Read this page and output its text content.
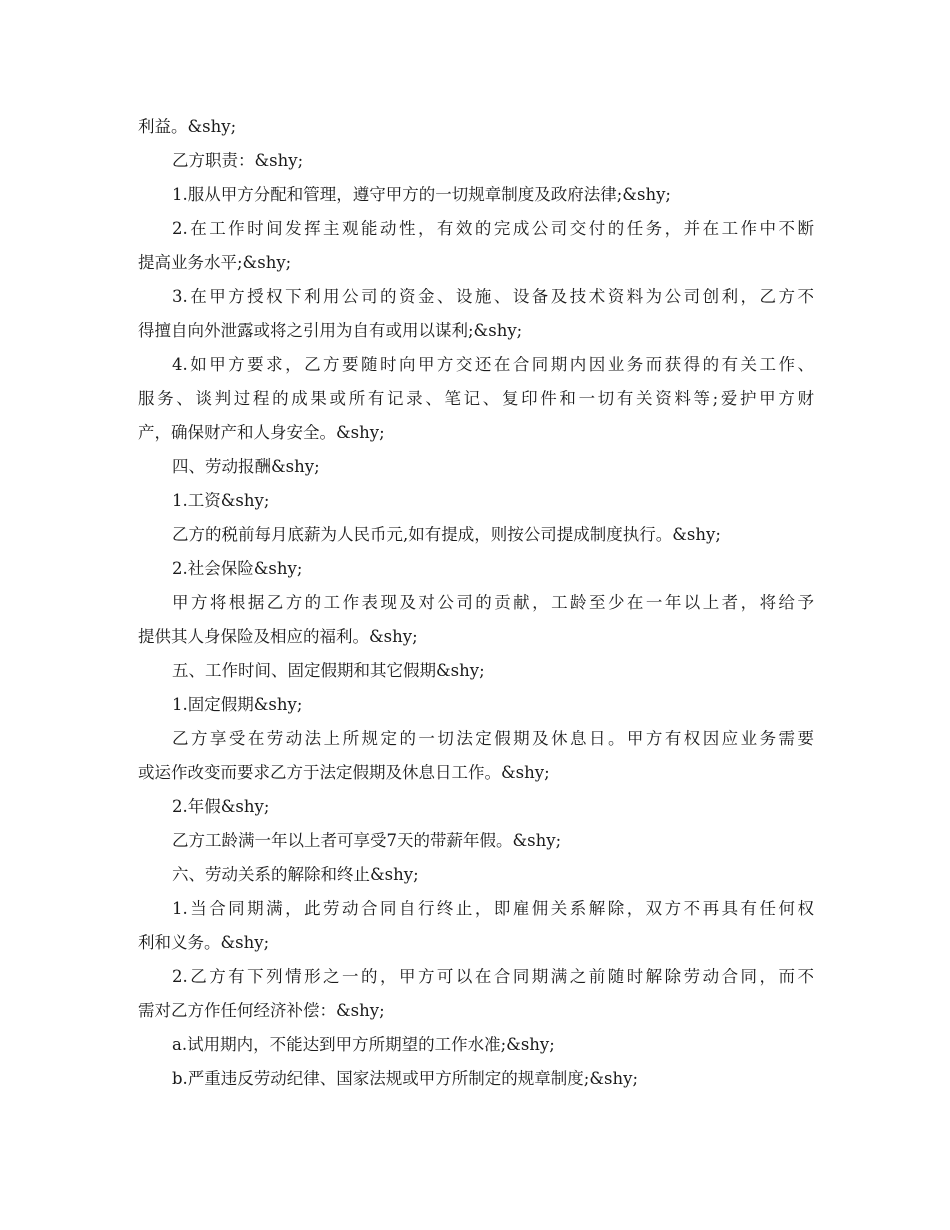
利益。&shy;
乙方职责：&shy;
1.服从甲方分配和管理，遵守甲方的一切规章制度及政府法律;&shy;
2.在工作时间发挥主观能动性，有效的完成公司交付的任务，并在工作中不断
提高业务水平;&shy;
3.在甲方授权下利用公司的资金、设施、设备及技术资料为公司创利，乙方不
得擅自向外泄露或将之引用为自有或用以谋利;&shy;
4.如甲方要求，乙方要随时向甲方交还在合同期内因业务而获得的有关工作、
服务、谈判过程的成果或所有记录、笔记、复印件和一切有关资料等;爱护甲方财
产，确保财产和人身安全。&shy;
四、劳动报酬&shy;
1.工资&shy;
乙方的税前每月底薪为人民币元,如有提成，则按公司提成制度执行。&shy;
2.社会保险&shy;
甲方将根据乙方的工作表现及对公司的贡献，工龄至少在一年以上者，将给予
提供其人身保险及相应的福利。&shy;
五、工作时间、固定假期和其它假期&shy;
1.固定假期&shy;
乙方享受在劳动法上所规定的一切法定假期及休息日。甲方有权因应业务需要
或运作改变而要求乙方于法定假期及休息日工作。&shy;
2.年假&shy;
乙方工龄满一年以上者可享受7天的带薪年假。&shy;
六、劳动关系的解除和终止&shy;
1.当合同期满，此劳动合同自行终止，即雇佣关系解除，双方不再具有任何权
利和义务。&shy;
2.乙方有下列情形之一的，甲方可以在合同期满之前随时解除劳动合同，而不
需对乙方作任何经济补偿：&shy;
a.试用期内，不能达到甲方所期望的工作水准;&shy;
b.严重违反劳动纪律、国家法规或甲方所制定的规章制度;&shy;
